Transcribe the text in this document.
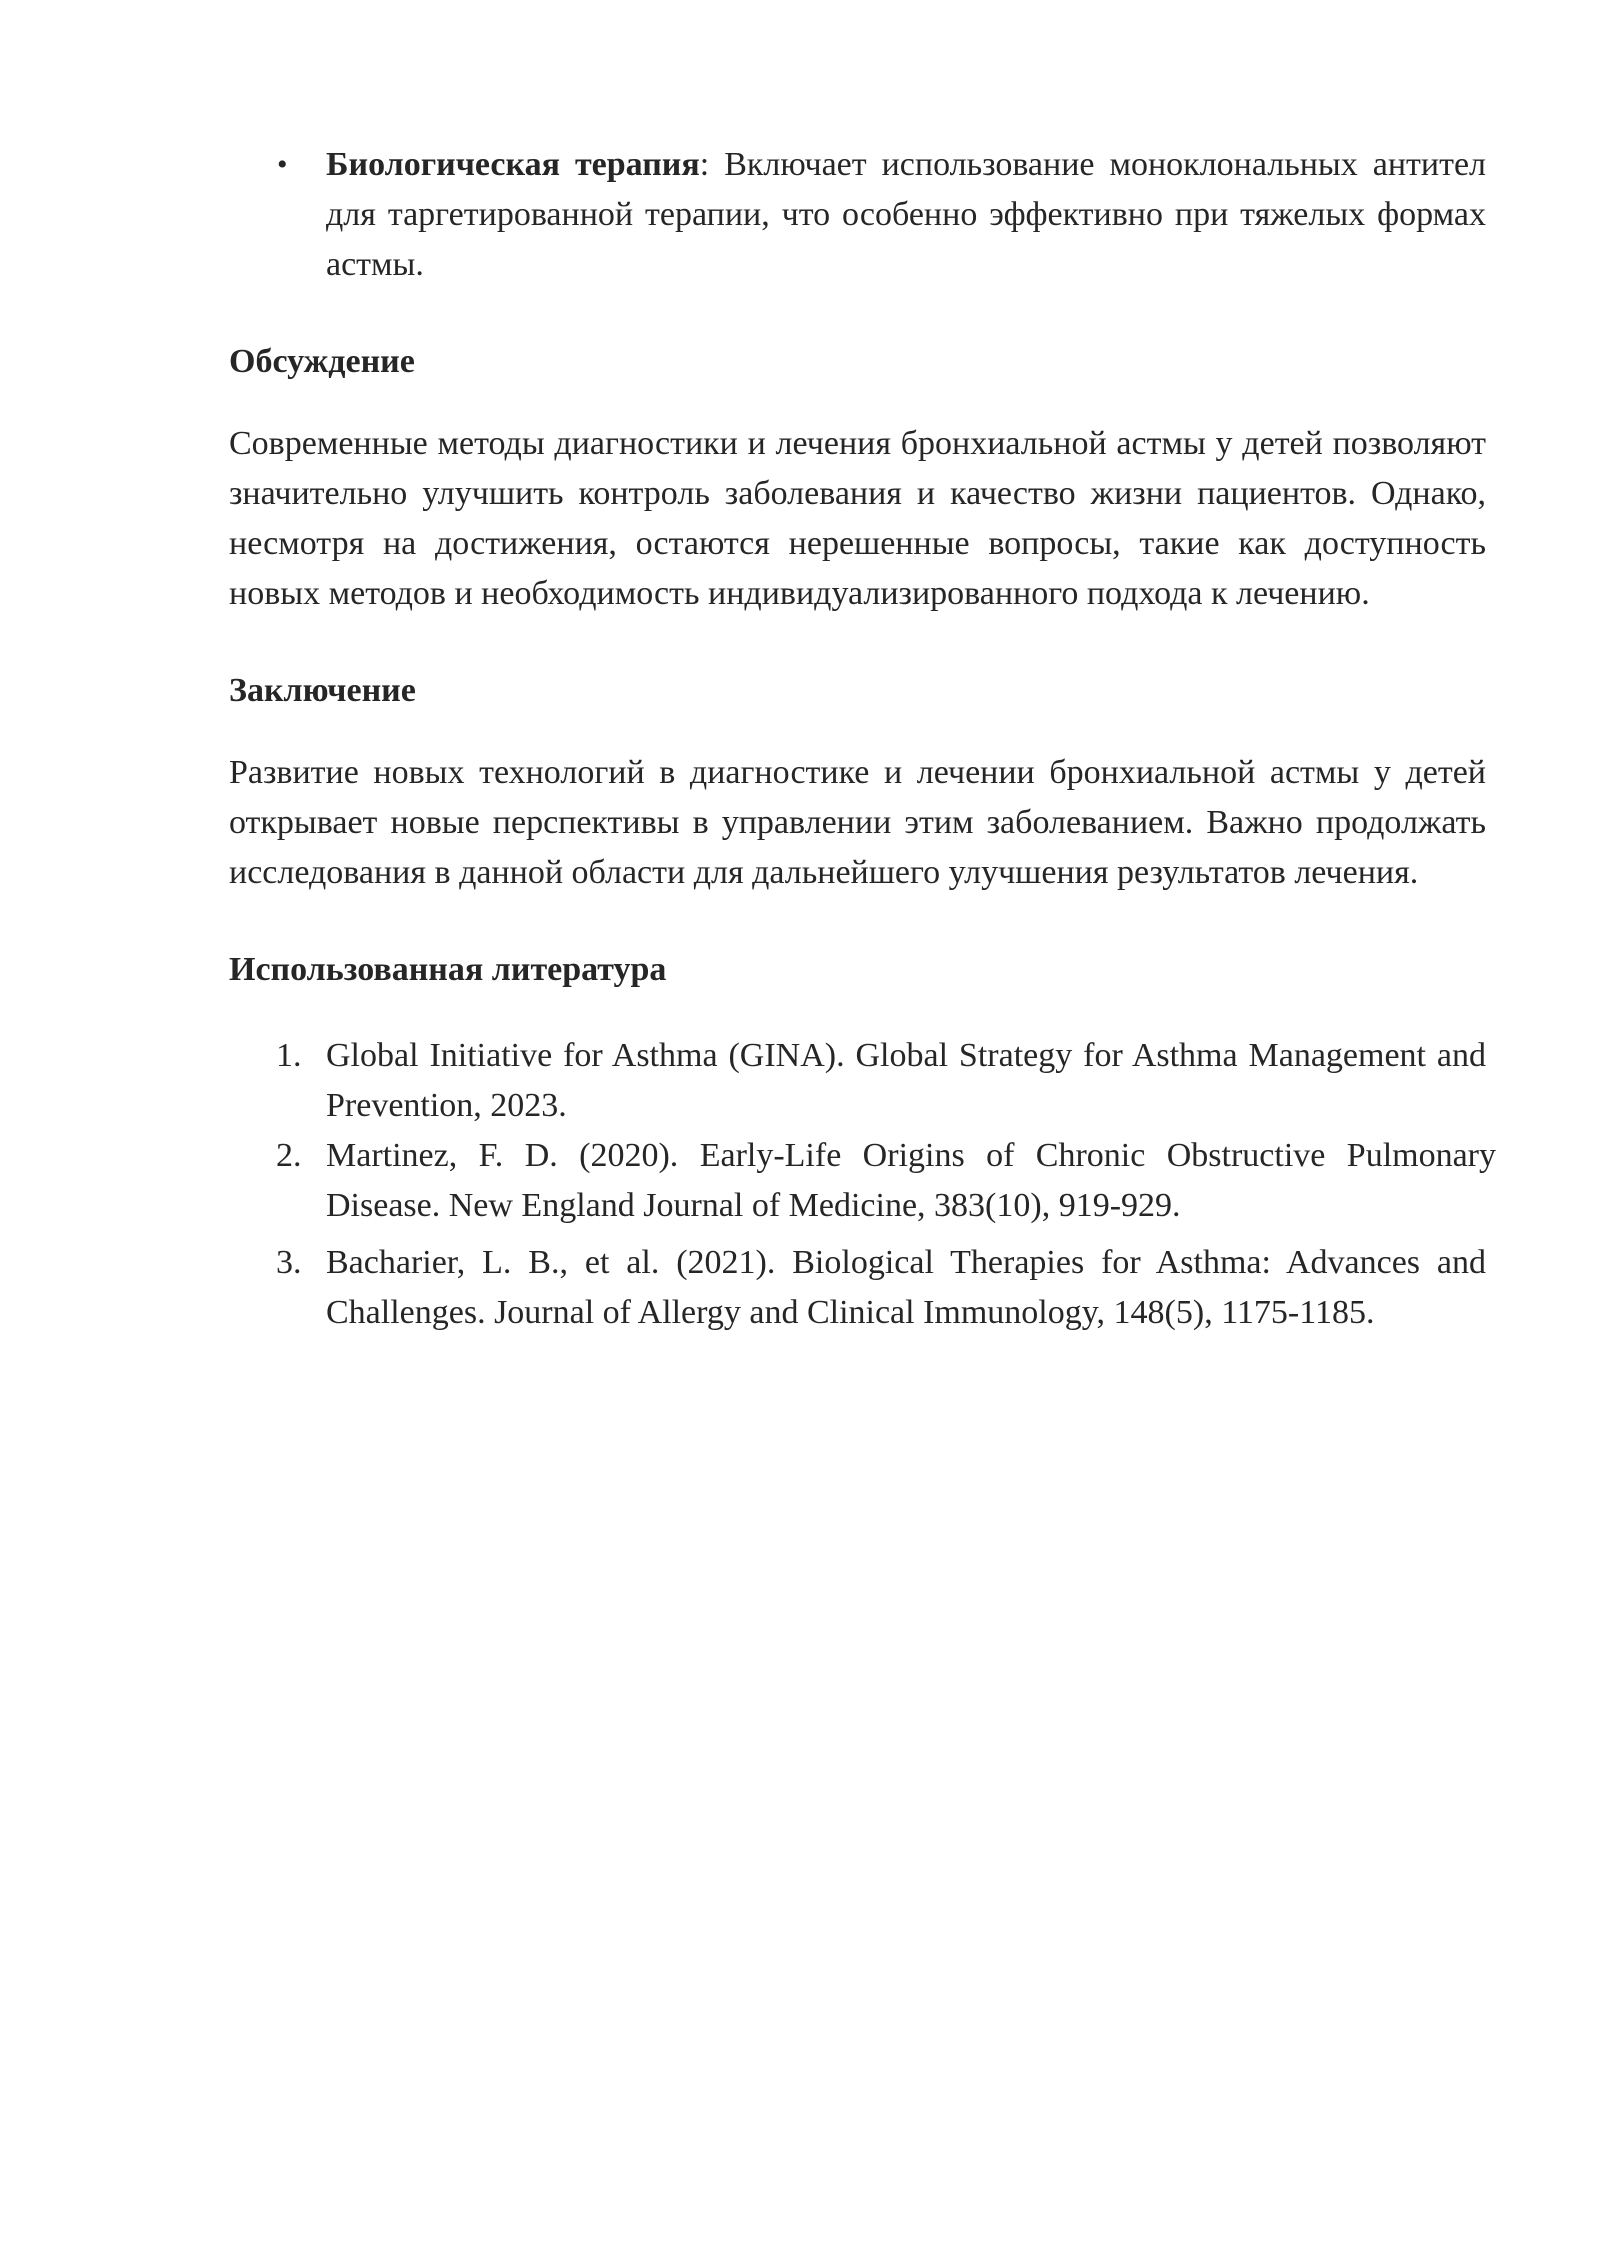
• Биологическая терапия: Включает использование моноклональных антител для таргетированной терапии, что особенно эффективно при тяжелых формах астмы.
Обсуждение

Современные методы диагностики и лечения бронхиальной астмы у детей позволяют значительно улучшить контроль заболевания и качество жизни пациентов. Однако, несмотря на достижения, остаются нерешенные вопросы, такие как доступность новых методов и необходимость индивидуализированного подхода к лечению.

Заключение

Развитие новых технологий в диагностике и лечении бронхиальной астмы у детей открывает новые перспективы в управлении этим заболеванием. Важно продолжать исследования в данной области для дальнейшего улучшения результатов лечения.

Использованная литература
1. Global Initiative for Asthma (GINA). Global Strategy for Asthma Management and Prevention, 2023.
2. Martinez, F. D. (2020). Early-Life Origins of Chronic Obstructive Pulmonary Disease. New England Journal of Medicine, 383(10), 919-929.
3. Bacharier, L. B., et al. (2021). Biological Therapies for Asthma: Advances and Challenges. Journal of Allergy and Clinical Immunology, 148(5), 1175-1185.
